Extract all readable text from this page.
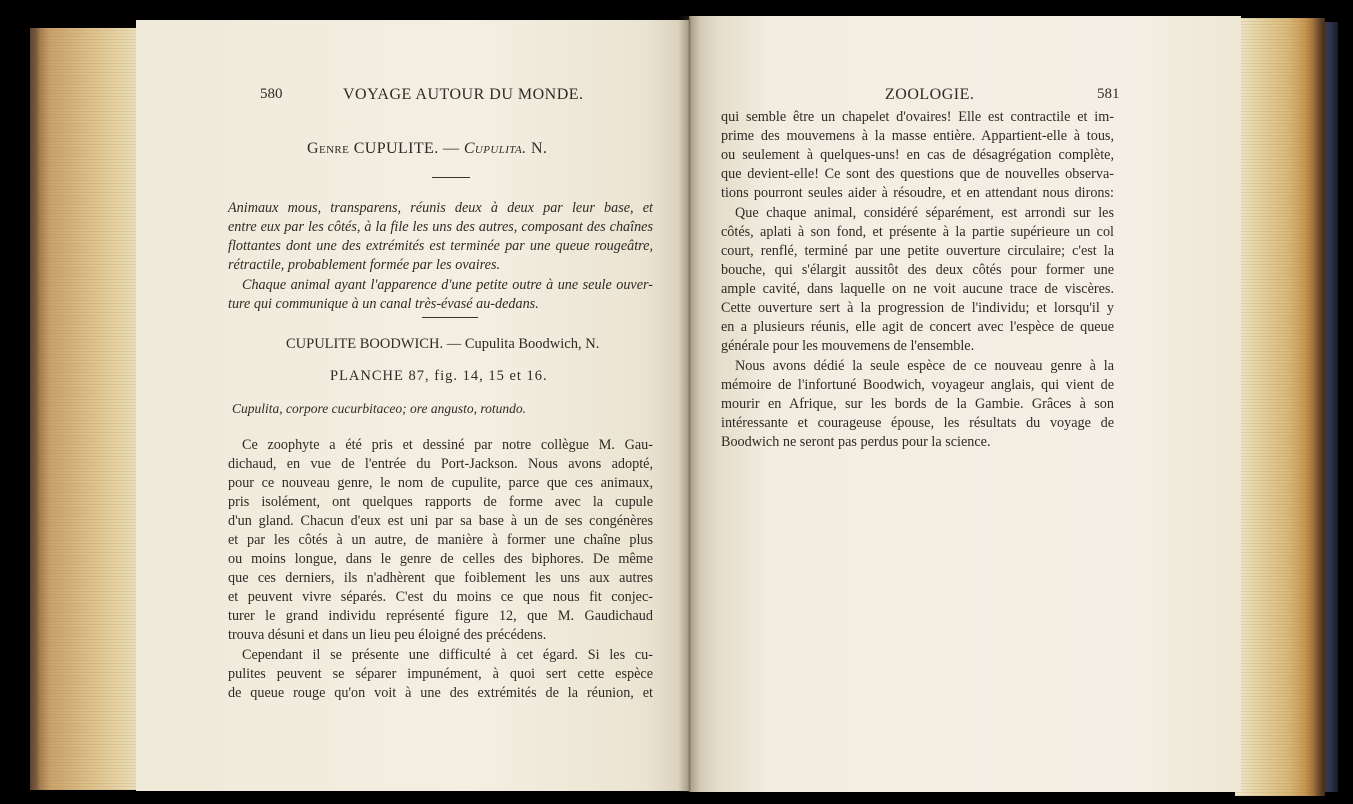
580	VOYAGE AUTOUR DU MONDE.
Genre CUPULITE. — Cupulita. N.
Animaux mous, transparens, réunis deux à deux par leur base, et
entre eux par les côtés, à la file les uns des autres, composant des chaînes
flottantes dont une des extrémités est terminée par une queue rougeâtre,
rétractile, probablement formée par les ovaires.
Chaque animal ayant l'apparence d'une petite outre à une seule ouver-
ture qui communique à un canal très-évasé au-dedans.
CUPULITE BOODWICH. — Cupulita Boodwich, N.
PLANCHE 87, fig. 14, 15 et 16.
Cupulita, corpore cucurbitaceo; ore angusto, rotundo.
Ce zoophyte a été pris et dessiné par notre collègue M. Gau-
dichaud, en vue de l'entrée du Port-Jackson. Nous avons adopté,
pour ce nouveau genre, le nom de cupulite, parce que ces animaux,
pris isolément, ont quelques rapports de forme avec la cupule
d'un gland. Chacun d'eux est uni par sa base à un de ses congénères
et par les côtés à un autre, de manière à former une chaîne plus
ou moins longue, dans le genre de celles des biphores. De même
que ces derniers, ils n'adhèrent que foiblement les uns aux autres
et peuvent vivre séparés. C'est du moins ce que nous fit conjec-
turer le grand individu représenté figure 12, que M. Gaudichaud
trouva désuni et dans un lieu peu éloigné des précédens.
Cependant il se présente une difficulté à cet égard. Si les cu-
pulites peuvent se séparer impunément, à quoi sert cette espèce
de queue rouge qu'on voit à une des extrémités de la réunion, et
ZOOLOGIE.	581
qui semble être un chapelet d'ovaires! Elle est contractile et im-
prime des mouvemens à la masse entière. Appartient-elle à tous,
ou seulement à quelques-uns! en cas de désagrégation complète,
que devient-elle! Ce sont des questions que de nouvelles observa-
tions pourront seules aider à résoudre, et en attendant nous dirons:
Que chaque animal, considéré séparément, est arrondi sur les
côtés, aplati à son fond, et présente à la partie supérieure un col
court, renflé, terminé par une petite ouverture circulaire; c'est la
bouche, qui s'élargit aussitôt des deux côtés pour former une
ample cavité, dans laquelle on ne voit aucune trace de viscères.
Cette ouverture sert à la progression de l'individu; et lorsqu'il y
en a plusieurs réunis, elle agit de concert avec l'espèce de queue
générale pour les mouvemens de l'ensemble.
Nous avons dédié la seule espèce de ce nouveau genre à la
mémoire de l'infortuné Boodwich, voyageur anglais, qui vient de
mourir en Afrique, sur les bords de la Gambie. Grâces à son
intéressante et courageuse épouse, les résultats du voyage de
Boodwich ne seront pas perdus pour la science.
